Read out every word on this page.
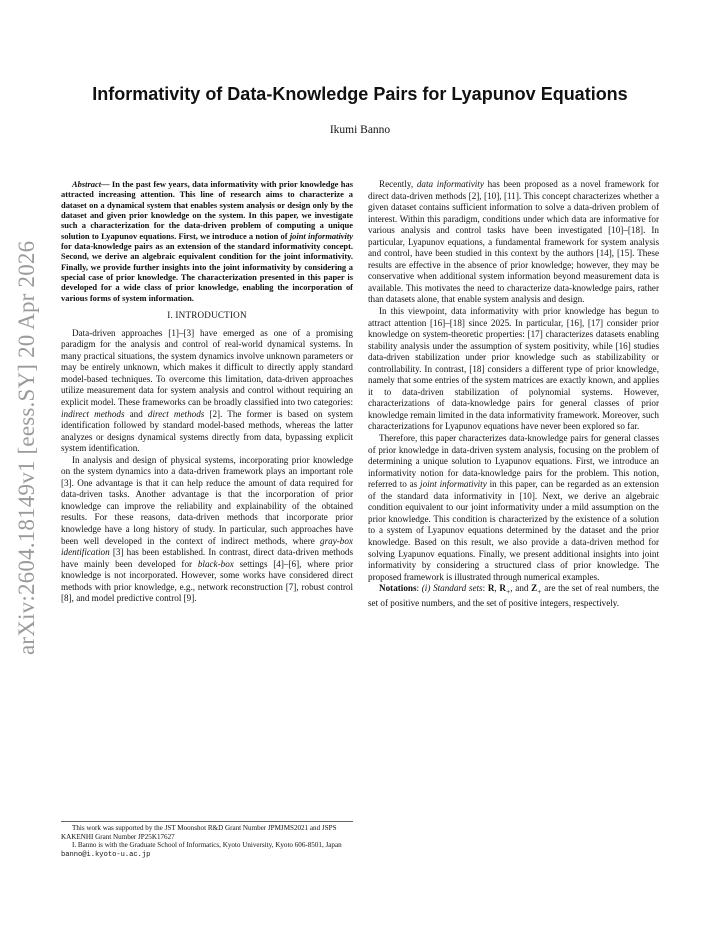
arXiv:2604.18149v1 [eess.SY] 20 Apr 2026
Informativity of Data-Knowledge Pairs for Lyapunov Equations
Ikumi Banno

Abstract— In the past few years, data informativity with prior knowledge has attracted increasing attention. This line of research aims to characterize a dataset on a dynamical system that enables system analysis or design only by the dataset and given prior knowledge on the system. In this paper, we investigate such a characterization for the data-driven problem of computing a unique solution to Lyapunov equations. First, we introduce a notion of joint informativity for data-knowledge pairs as an extension of the standard informativity concept. Second, we derive an algebraic equivalent condition for the joint informativity. Finally, we provide further insights into the joint informativity by considering a special case of prior knowledge. The characterization presented in this paper is developed for a wide class of prior knowledge, enabling the incorporation of various forms of system information.

I. INTRODUCTION

Data-driven approaches [1]–[3] have emerged as one of a promising paradigm for the analysis and control of real-world dynamical systems. In many practical situations, the system dynamics involve unknown parameters or may be entirely unknown, which makes it difficult to directly apply standard model-based techniques. To overcome this limitation, data-driven approaches utilize measurement data for system analysis and control without requiring an explicit model. These frameworks can be broadly classified into two categories: indirect methods and direct methods [2]. The former is based on system identification followed by standard model-based methods, whereas the latter analyzes or designs dynamical systems directly from data, bypassing explicit system identification.

In analysis and design of physical systems, incorporating prior knowledge on the system dynamics into a data-driven framework plays an important role [3]. One advantage is that it can help reduce the amount of data required for data-driven tasks. Another advantage is that the incorporation of prior knowledge can improve the reliability and explainability of the obtained results. For these reasons, data-driven methods that incorporate prior knowledge have a long history of study. In particular, such approaches have been well developed in the context of indirect methods, where gray-box identification [3] has been established. In contrast, direct data-driven methods have mainly been developed for black-box settings [4]–[6], where prior knowledge is not incorporated. However, some works have considered direct methods with prior knowledge, e.g., network reconstruction [7], robust control [8], and model predictive control [9].

This work was supported by the JST Moonshot R&D Grant Number JPMJMS2021 and JSPS KAKENHI Grant Number JP25K17627

I. Banno is with the Graduate School of Informatics, Kyoto University, Kyoto 606-8501, Japan banno@i.kyoto-u.ac.jp

Recently, data informativity has been proposed as a novel framework for direct data-driven methods [2], [10], [11]. This concept characterizes whether a given dataset contains sufficient information to solve a data-driven problem of interest. Within this paradigm, conditions under which data are informative for various analysis and control tasks have been investigated [10]–[18]. In particular, Lyapunov equations, a fundamental framework for system analysis and control, have been studied in this context by the authors [14], [15]. These results are effective in the absence of prior knowledge; however, they may be conservative when additional system information beyond measurement data is available. This motivates the need to characterize data-knowledge pairs, rather than datasets alone, that enable system analysis and design.

In this viewpoint, data informativity with prior knowledge has begun to attract attention [16]–[18] since 2025. In particular, [16], [17] consider prior knowledge on system-theoretic properties: [17] characterizes datasets enabling stability analysis under the assumption of system positivity, while [16] studies data-driven stabilization under prior knowledge such as stabilizability or controllability. In contrast, [18] considers a different type of prior knowledge, namely that some entries of the system matrices are exactly known, and applies it to data-driven stabilization of polynomial systems. However, characterizations of data-knowledge pairs for general classes of prior knowledge remain limited in the data informativity framework. Moreover, such characterizations for Lyapunov equations have never been explored so far.

Therefore, this paper characterizes data-knowledge pairs for general classes of prior knowledge in data-driven system analysis, focusing on the problem of determining a unique solution to Lyapunov equations. First, we introduce an informativity notion for data-knowledge pairs for the problem. This notion, referred to as joint informativity in this paper, can be regarded as an extension of the standard data informativity in [10]. Next, we derive an algebraic condition equivalent to our joint informativity under a mild assumption on the prior knowledge. This condition is characterized by the existence of a solution to a system of Lyapunov equations determined by the dataset and the prior knowledge. Based on this result, we also provide a data-driven method for solving Lyapunov equations. Finally, we present additional insights into joint informativity by considering a structured class of prior knowledge. The proposed framework is illustrated through numerical examples.

Notations: (i) Standard sets: R, $R_+$, and $Z_+$ are the set of real numbers, the set of positive numbers, and the set of positive integers, respectively.
